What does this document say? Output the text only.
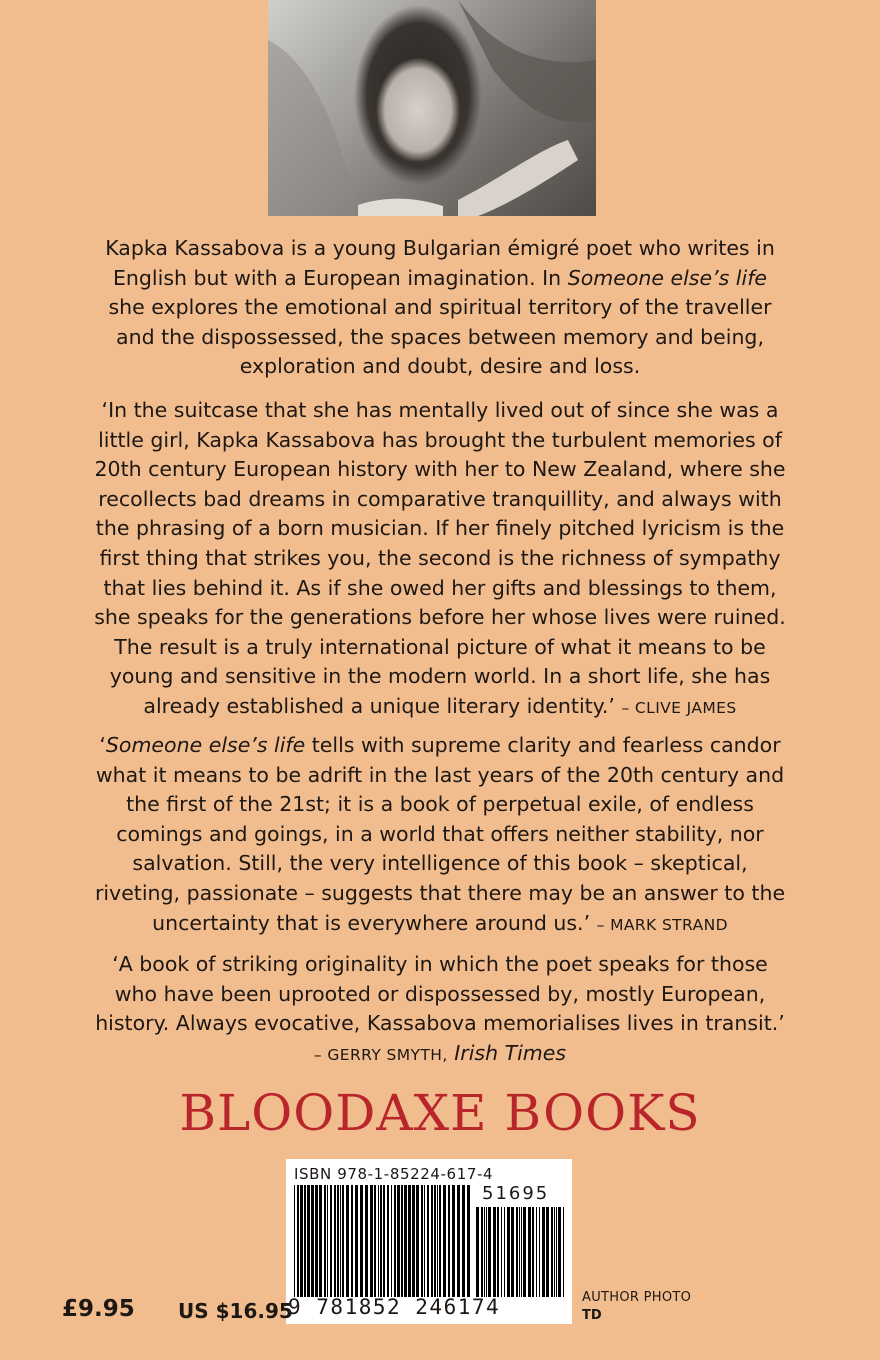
Kapka Kassabova is a young Bulgarian émigré poet who writes in English but with a European imagination. In Someone else’s life
she explores the emotional and spiritual territory of the traveller and the dispossessed, the spaces between memory and being, exploration and doubt, desire and loss.
‘In the suitcase that she has mentally lived out of since she was a little girl, Kapka Kassabova has brought the turbulent memories of 20th century European history with her to New Zealand, where she recollects bad dreams in comparative tranquillity, and always with the phrasing of a born musician. If her finely pitched lyricism is the first thing that strikes you, the second is the richness of sympathy that lies behind it. As if she owed her gifts and blessings to them, she speaks for the generations before her whose lives were ruined. The result is a truly international picture of what it means to be young and sensitive in the modern world. In a short life, she has already established a unique literary identity.’ – CLIVE JAMES
‘Someone else’s life tells with supreme clarity and fearless candor what it means to be adrift in the last years of the 20th century and the first of the 21st; it is a book of perpetual exile, of endless comings and goings, in a world that offers neither stability, nor salvation. Still, the very intelligence of this book – skeptical, riveting, passionate – suggests that there may be an answer to the uncertainty that is everywhere around us.’ – MARK STRAND
‘A book of striking originality in which the poet speaks for those who have been uprooted or dispossessed by, mostly European, history. Always evocative, Kassabova memorialises lives in transit.’
– GERRY SMYTH, Irish Times
BLOODAXE BOOKS
ISBN 978-1-85224-617-4
51695
9 781852 246174
£9.95 US $16.95
AUTHOR PHOTO
TD
